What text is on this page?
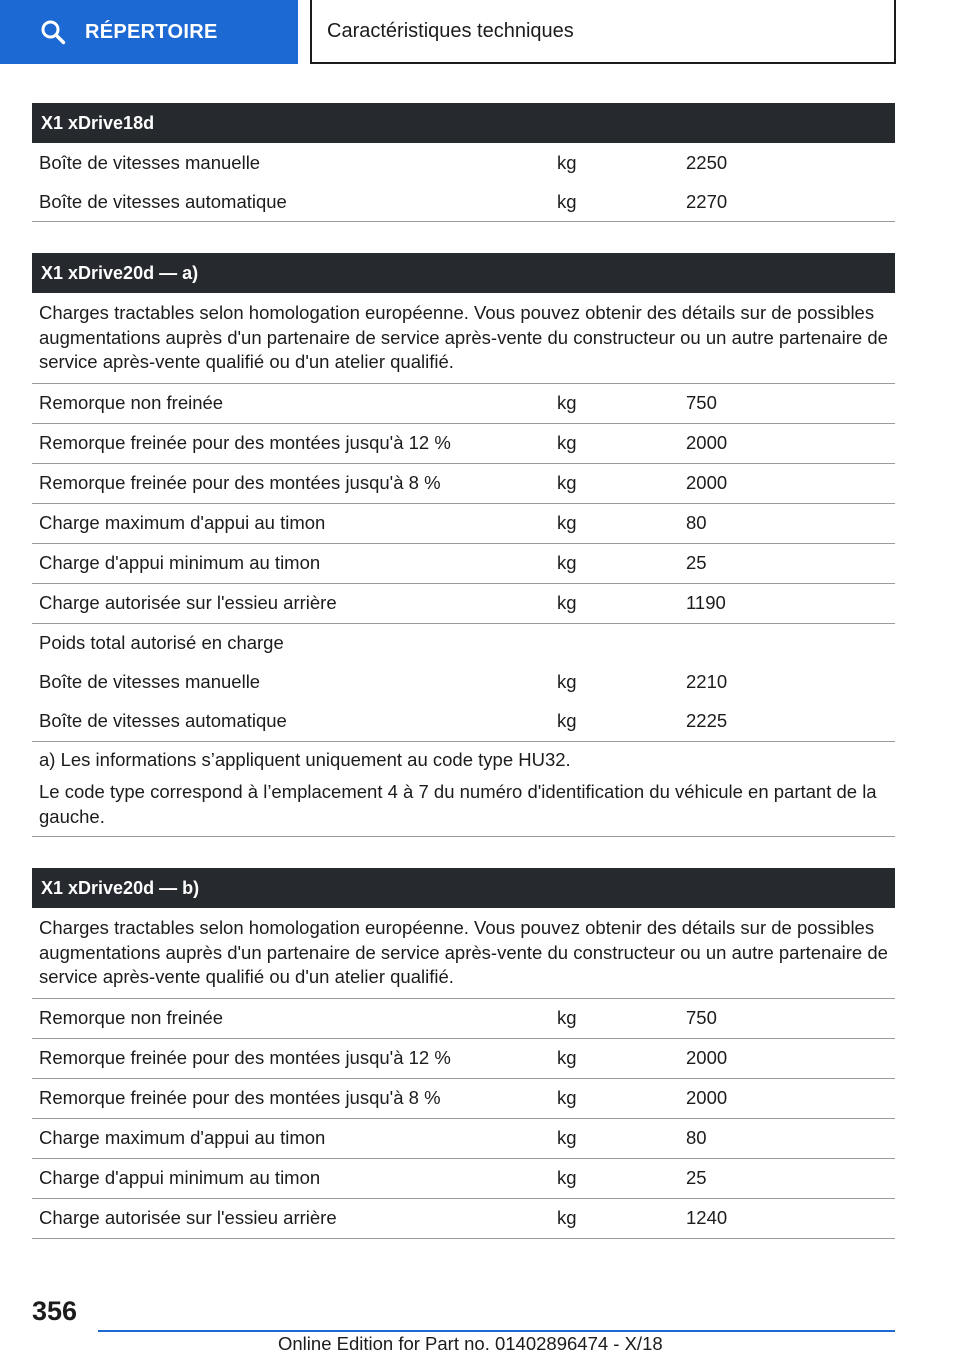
RÉPERTOIRE	Caractéristiques techniques
X1 xDrive18d
Boîte de vitesses manuelle	kg	2250
Boîte de vitesses automatique	kg	2270
X1 xDrive20d — a)
Charges tractables selon homologation européenne. Vous pouvez obtenir des détails sur de possibles augmentations auprès d'un partenaire de service après-vente du constructeur ou un autre partenaire de service après-vente qualifié ou d'un atelier qualifié.
Remorque non freinée	kg	750
Remorque freinée pour des montées jusqu'à 12 %	kg	2000
Remorque freinée pour des montées jusqu'à 8 %	kg	2000
Charge maximum d'appui au timon	kg	80
Charge d'appui minimum au timon	kg	25
Charge autorisée sur l'essieu arrière	kg	1190
Poids total autorisé en charge
Boîte de vitesses manuelle	kg	2210
Boîte de vitesses automatique	kg	2225

a) Les informations s’appliquent uniquement au code type HU32.

Le code type correspond à l’emplacement 4 à 7 du numéro d'identification du véhicule en partant de la gauche.

X1 xDrive20d — b)
Charges tractables selon homologation européenne. Vous pouvez obtenir des détails sur de possibles augmentations auprès d'un partenaire de service après-vente du constructeur ou un autre partenaire de service après-vente qualifié ou d'un atelier qualifié.
Remorque non freinée	kg	750
Remorque freinée pour des montées jusqu'à 12 %	kg	2000
Remorque freinée pour des montées jusqu'à 8 %	kg	2000
Charge maximum d'appui au timon	kg	80
Charge d'appui minimum au timon	kg	25
Charge autorisée sur l'essieu arrière	kg	1240
356
Online Edition for Part no. 01402896474 - X/18
